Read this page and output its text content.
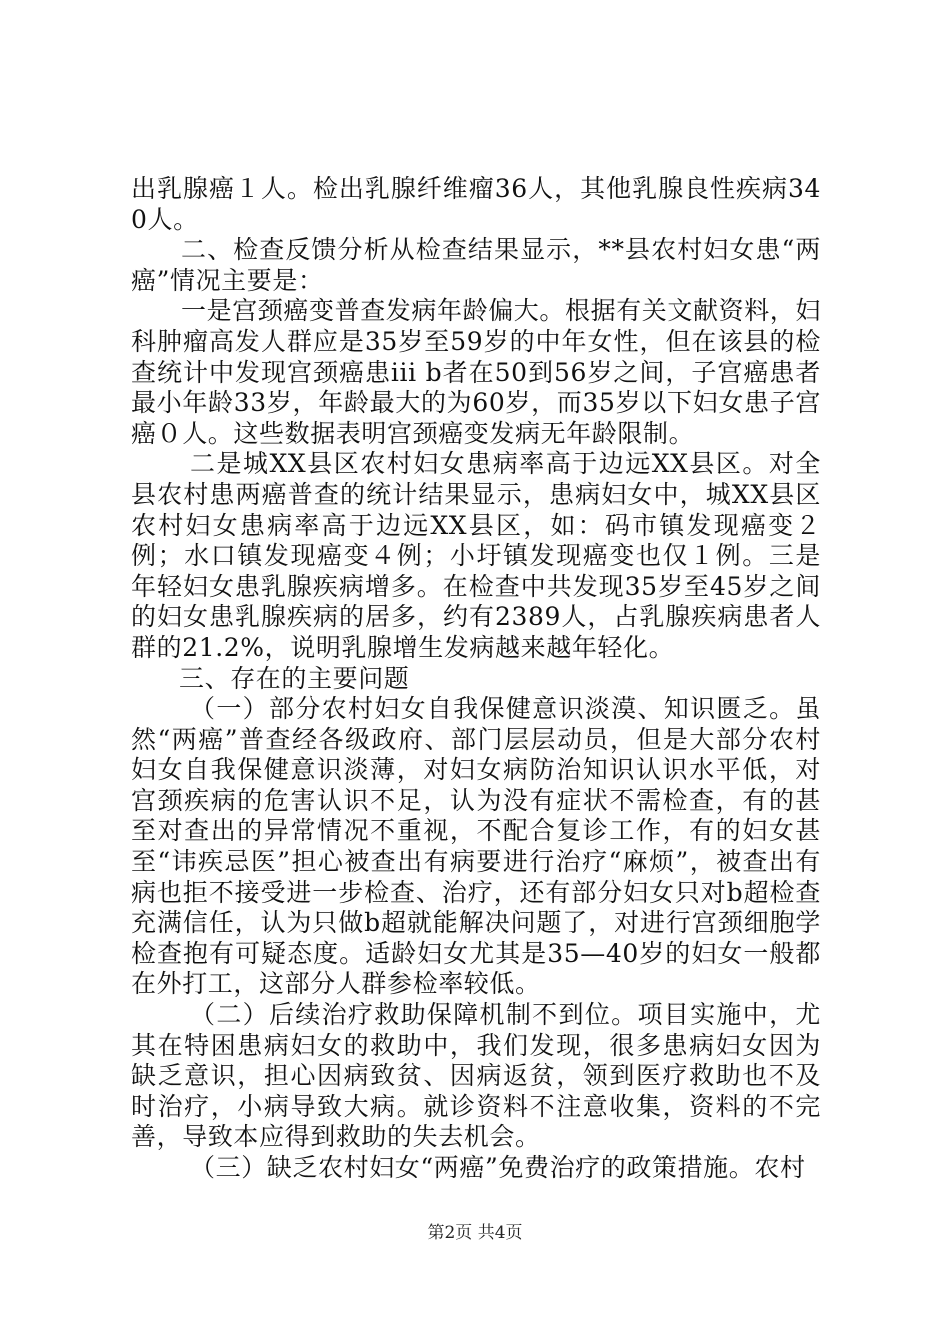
出乳腺癌１人。检出乳腺纤维瘤36人，其他乳腺良性疾病340人。

二、检查反馈分析从检查结果显示，**县农村妇女患“两癌”情况主要是：

一是宫颈癌变普查发病年龄偏大。根据有关文献资料，妇科肿瘤高发人群应是35岁至59岁的中年女性，但在该县的检查统计中发现宫颈癌患iii b者在50到56岁之间，子宫癌患者最小年龄33岁，年龄最大的为60岁，而35岁以下妇女患子宫癌０人。这些数据表明宫颈癌变发病无年龄限制。

二是城XX县区农村妇女患病率高于边远XX县区。对全县农村患两癌普查的统计结果显示，患病妇女中，城XX县区农村妇女患病率高于边远XX县区，如：码市镇发现癌变２例；水口镇发现癌变４例；小圩镇发现癌变也仅１例。三是年轻妇女患乳腺疾病增多。在检查中共发现35岁至45岁之间的妇女患乳腺疾病的居多，约有2389人，占乳腺疾病患者人群的21.2%，说明乳腺增生发病越来越年轻化。

三、存在的主要问题

（一）部分农村妇女自我保健意识淡漠、知识匮乏。虽然“两癌”普查经各级政府、部门层层动员，但是大部分农村妇女自我保健意识淡薄，对妇女病防治知识认识水平低，对宫颈疾病的危害认识不足，认为没有症状不需检查，有的甚至对查出的异常情况不重视，不配合复诊工作，有的妇女甚至“讳疾忌医”担心被查出有病要进行治疗“麻烦”，被查出有病也拒不接受进一步检查、治疗，还有部分妇女只对b超检查充满信任，认为只做b超就能解决问题了，对进行宫颈细胞学检查抱有可疑态度。适龄妇女尤其是35—40岁的妇女一般都在外打工，这部分人群参检率较低。

（二）后续治疗救助保障机制不到位。项目实施中，尤其在特困患病妇女的救助中，我们发现，很多患病妇女因为缺乏意识，担心因病致贫、因病返贫，领到医疗救助也不及时治疗，小病导致大病。就诊资料不注意收集，资料的不完善，导致本应得到救助的失去机会。

（三）缺乏农村妇女“两癌”免费治疗的政策措施。农村

第2页 共4页
